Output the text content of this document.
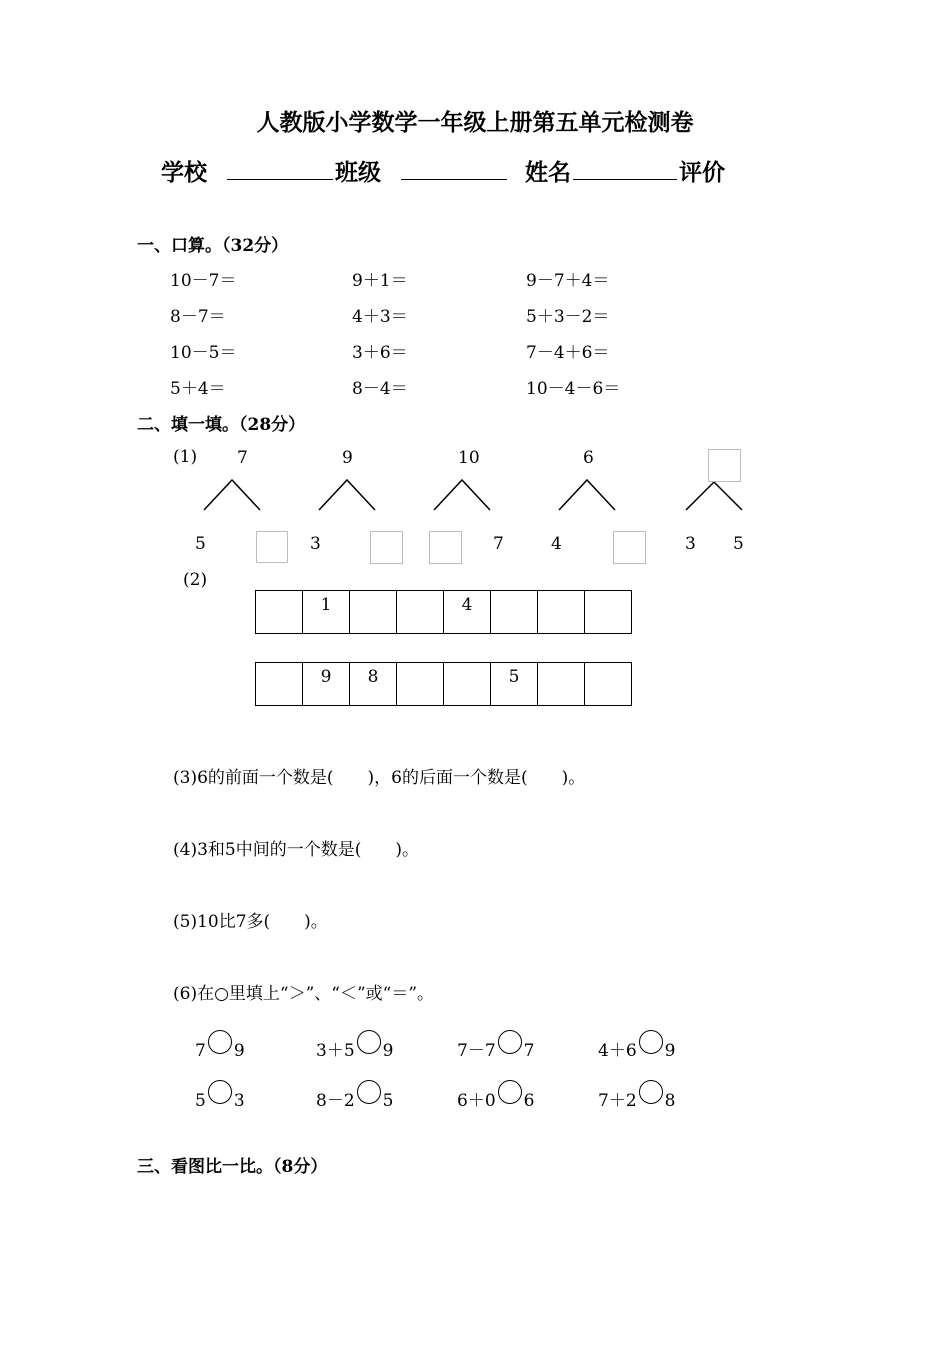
人教版小学数学一年级上册第五单元检测卷
学校	班级	姓名	评价
一、口算。（32分）
10－7＝	9＋1＝	9－7＋4＝
8－7＝	4＋3＝	5＋3－2＝
10－5＝	3＋6＝	7－4＋6＝
5＋4＝	8－4＝	10－4－6＝
二、填一填。（28分）
(1) 7	9	10	6
5	3	7	4	3 5
(2)
	1			4			
	9	8			5		
(3)6的前面一个数是(　　)，6的后面一个数是(　　)。
(4)3和5中间的一个数是(　　)。
(5)10比7多(　　)。
(6)在○里填上“＞”、“＜”或“＝”。
7 9	3＋5 9	7－7 7	4＋6 9
5 3	8－2 5	6＋0 6	7＋2 8
三、看图比一比。（8分）
